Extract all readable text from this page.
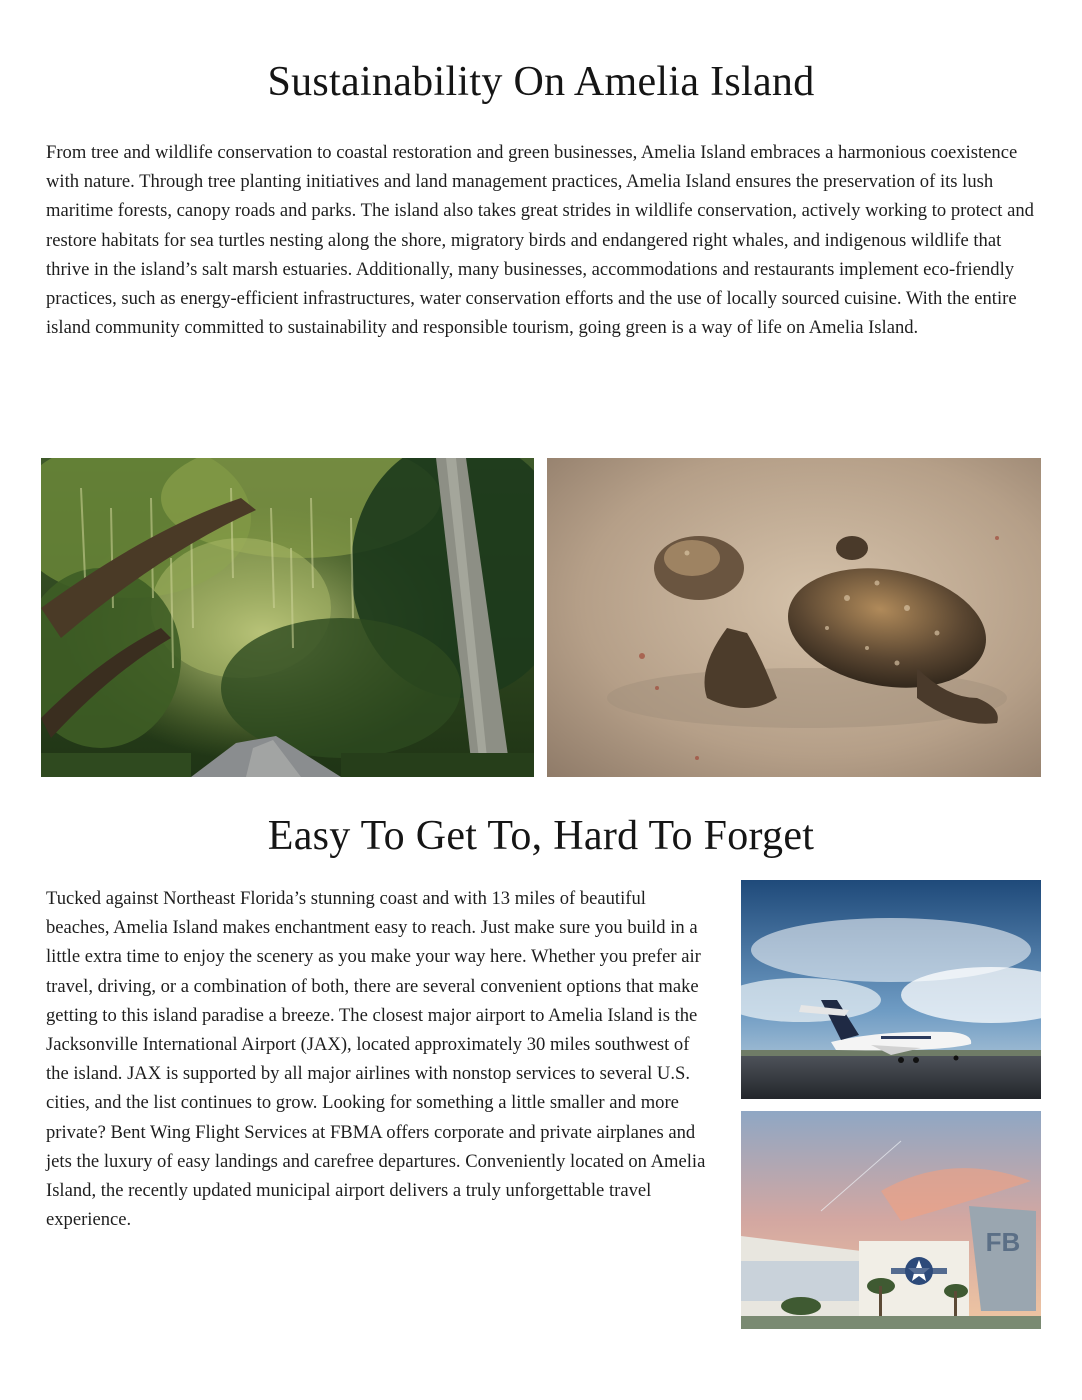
Sustainability On Amelia Island

From tree and wildlife conservation to coastal restoration and green businesses, Amelia Island embraces a harmonious coexistence with nature. Through tree planting initiatives and land management practices, Amelia Island ensures the preservation of its lush maritime forests, canopy roads and parks. The island also takes great strides in wildlife conservation, actively working to protect and restore habitats for sea turtles nesting along the shore, migratory birds and endangered right whales, and indigenous wildlife that thrive in the island’s salt marsh estuaries. Additionally, many businesses, accommodations and restaurants implement eco-friendly practices, such as energy-efficient infrastructures, water conservation efforts and the use of locally sourced cuisine. With the entire island community committed to sustainability and responsible tourism, going green is a way of life on Amelia Island.

Easy To Get To, Hard To Forget

Tucked against Northeast Florida’s stunning coast and with 13 miles of beautiful beaches, Amelia Island makes enchantment easy to reach. Just make sure you build in a little extra time to enjoy the scenery as you make your way here. Whether you prefer air travel, driving, or a combination of both, there are several convenient options that make getting to this island paradise a breeze. The closest major airport to Amelia Island is the Jacksonville International Airport (JAX), located approximately 30 miles southwest of the island. JAX is supported by all major airlines with nonstop services to several U.S. cities, and the list continues to grow. Looking for something a little smaller and more private? Bent Wing Flight Services at FBMA offers corporate and private airplanes and jets the luxury of easy landings and carefree departures. Conveniently located on Amelia Island, the recently updated municipal airport delivers a truly unforgettable travel experience.

FB
